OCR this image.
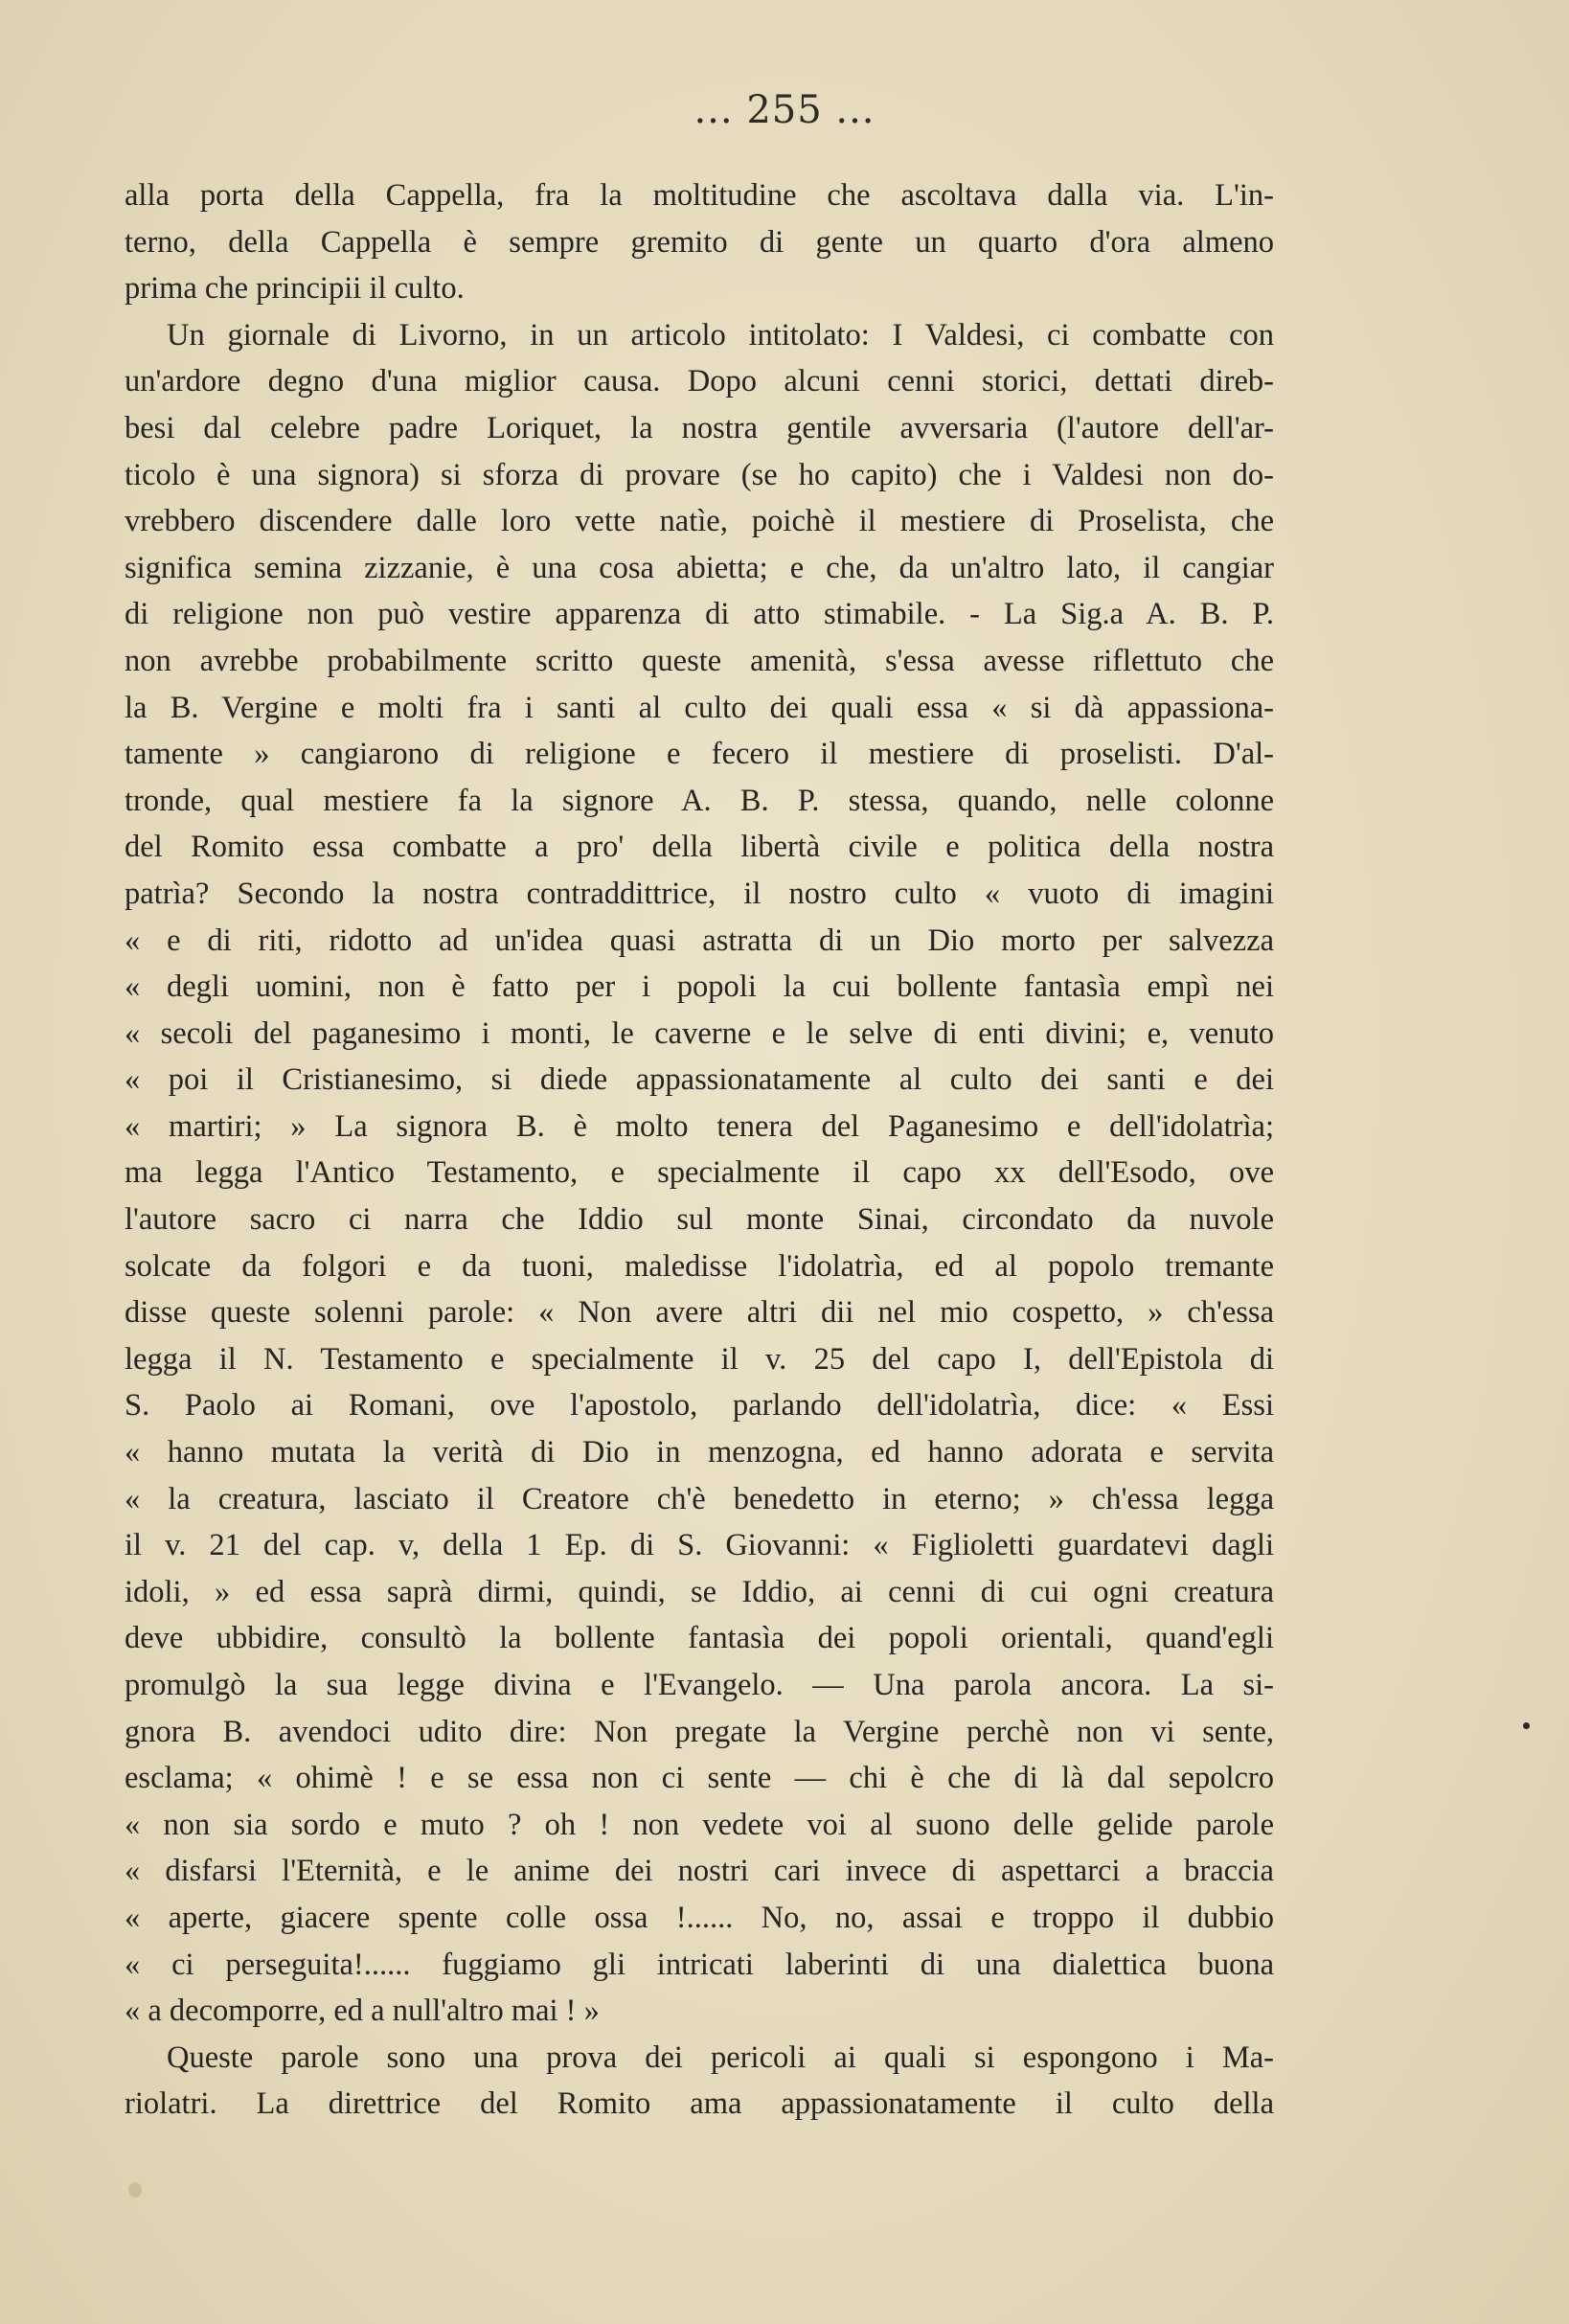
... 255 ...
alla porta della Cappella, fra la moltitudine che ascoltava dalla via. L'in-
terno, della Cappella è sempre gremito di gente un quarto d'ora almeno
prima che principii il culto.
Un giornale di Livorno, in un articolo intitolato: I Valdesi, ci combatte con
un'ardore degno d'una miglior causa. Dopo alcuni cenni storici, dettati direb-
besi dal celebre padre Loriquet, la nostra gentile avversaria (l'autore dell'ar-
ticolo è una signora) si sforza di provare (se ho capito) che i Valdesi non do-
vrebbero discendere dalle loro vette natìe, poichè il mestiere di Proselista, che
significa semina zizzanie, è una cosa abietta; e che, da un'altro lato, il cangiar
di religione non può vestire apparenza di atto stimabile. - La Sig.a A. B. P.
non avrebbe probabilmente scritto queste amenità, s'essa avesse riflettuto che
la B. Vergine e molti fra i santi al culto dei quali essa « si dà appassiona-
tamente » cangiarono di religione e fecero il mestiere di proselisti. D'al-
tronde, qual mestiere fa la signore A. B. P. stessa, quando, nelle colonne
del Romito essa combatte a pro' della libertà civile e politica della nostra
patrìa? Secondo la nostra contraddittrice, il nostro culto « vuoto di imagini
« e di riti, ridotto ad un'idea quasi astratta di un Dio morto per salvezza
« degli uomini, non è fatto per i popoli la cui bollente fantasìa empì nei
« secoli del paganesimo i monti, le caverne e le selve di enti divini; e, venuto
« poi il Cristianesimo, si diede appassionatamente al culto dei santi e dei
« martiri; » La signora B. è molto tenera del Paganesimo e dell'idolatrìa;
ma legga l'Antico Testamento, e specialmente il capo xx dell'Esodo, ove
l'autore sacro ci narra che Iddio sul monte Sinai, circondato da nuvole
solcate da folgori e da tuoni, maledisse l'idolatrìa, ed al popolo tremante
disse queste solenni parole: « Non avere altri dii nel mio cospetto, » ch'essa
legga il N. Testamento e specialmente il v. 25 del capo I, dell'Epistola di
S. Paolo ai Romani, ove l'apostolo, parlando dell'idolatrìa, dice: « Essi
« hanno mutata la verità di Dio in menzogna, ed hanno adorata e servita
« la creatura, lasciato il Creatore ch'è benedetto in eterno; » ch'essa legga
il v. 21 del cap. v, della 1 Ep. di S. Giovanni: « Figlioletti guardatevi dagli
idoli, » ed essa saprà dirmi, quindi, se Iddio, ai cenni di cui ogni creatura
deve ubbidire, consultò la bollente fantasìa dei popoli orientali, quand'egli
promulgò la sua legge divina e l'Evangelo. — Una parola ancora. La si-
gnora B. avendoci udito dire: Non pregate la Vergine perchè non vi sente,
esclama; « ohimè ! e se essa non ci sente — chi è che di là dal sepolcro
« non sia sordo e muto ? oh ! non vedete voi al suono delle gelide parole
« disfarsi l'Eternità, e le anime dei nostri cari invece di aspettarci a braccia
« aperte, giacere spente colle ossa !...... No, no, assai e troppo il dubbio
« ci perseguita!...... fuggiamo gli intricati laberinti di una dialettica buona
« a decomporre, ed a null'altro mai ! »
Queste parole sono una prova dei pericoli ai quali si espongono i Ma-
riolatri. La direttrice del Romito ama appassionatamente il culto della
